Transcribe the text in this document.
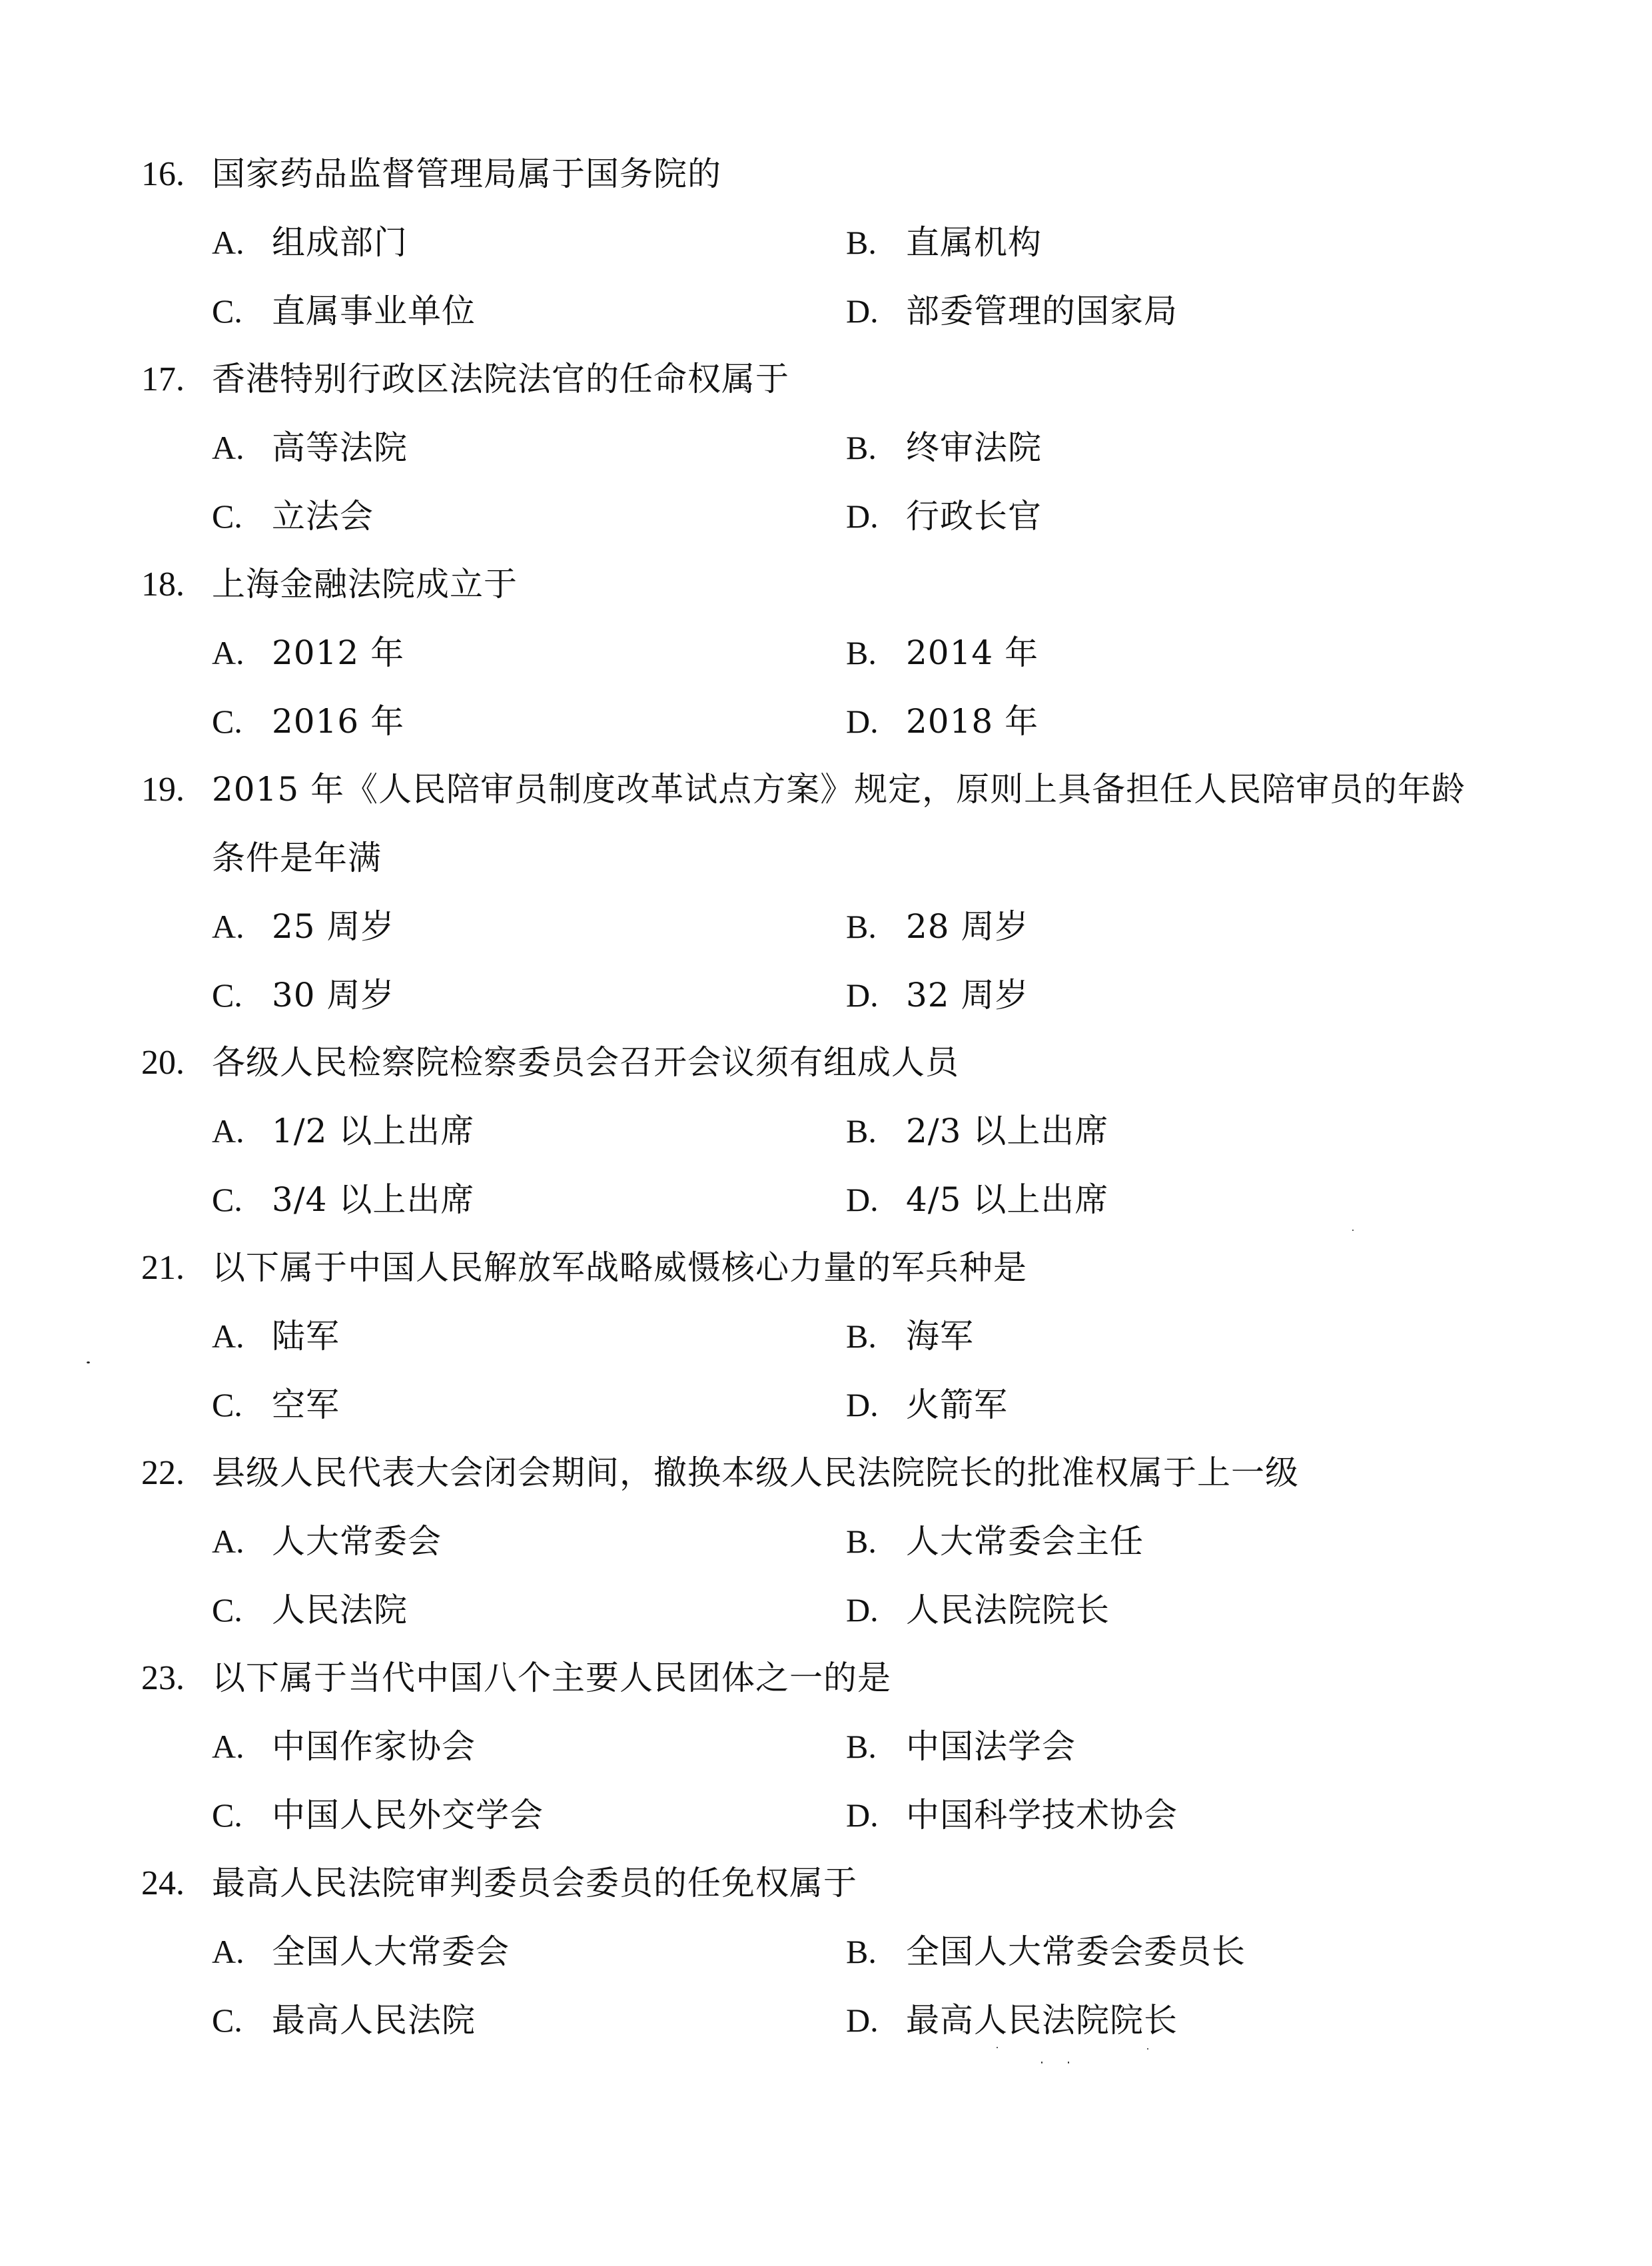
16. 国家药品监督管理局属于国务院的
A. 组成部门	B. 直属机构
C. 直属事业单位	D. 部委管理的国家局
17. 香港特别行政区法院法官的任命权属于
A. 高等法院	B. 终审法院
C. 立法会	D. 行政长官
18. 上海金融法院成立于
A. 2012 年	B. 2014 年
C. 2016 年	D. 2018 年
19. 2015 年《人民陪审员制度改革试点方案》规定，原则上具备担任人民陪审员的年龄
条件是年满
A. 25 周岁	B. 28 周岁
C. 30 周岁	D. 32 周岁
20. 各级人民检察院检察委员会召开会议须有组成人员
A. 1/2 以上出席	B. 2/3 以上出席
C. 3/4 以上出席	D. 4/5 以上出席
21. 以下属于中国人民解放军战略威慑核心力量的军兵种是
A. 陆军	B. 海军
C. 空军	D. 火箭军
22. 县级人民代表大会闭会期间，撤换本级人民法院院长的批准权属于上一级
A. 人大常委会	B. 人大常委会主任
C. 人民法院	D. 人民法院院长
23. 以下属于当代中国八个主要人民团体之一的是
A. 中国作家协会	B. 中国法学会
C. 中国人民外交学会	D. 中国科学技术协会
24. 最高人民法院审判委员会委员的任免权属于
A. 全国人大常委会	B. 全国人大常委会委员长
C. 最高人民法院	D. 最高人民法院院长
